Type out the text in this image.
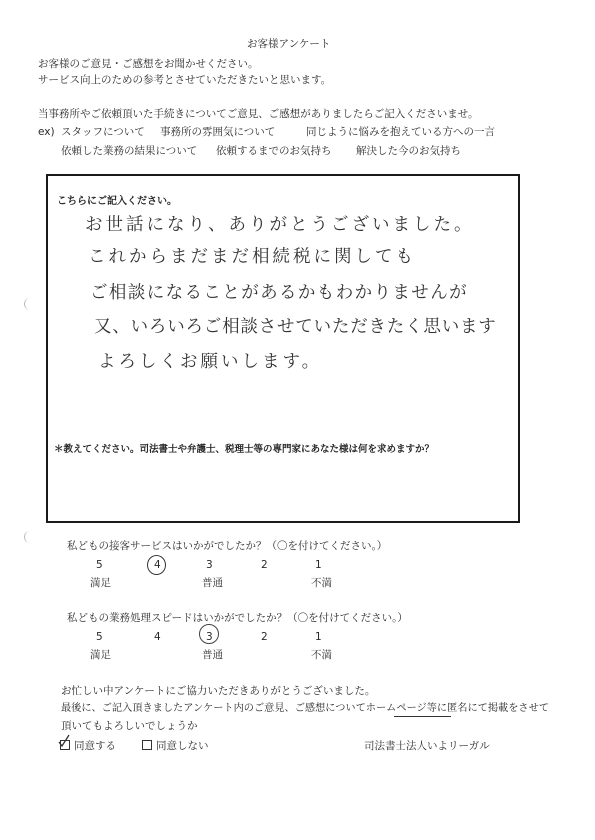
お客様アンケート
お客様のご意見・ご感想をお聞かせください。
サービス向上のための参考とさせていただきたいと思います。
当事務所やご依頼頂いた手続きについてご意見、ご感想がありましたらご記入くださいませ。
ex) スタッフについて 事務所の雰囲気について	同じように悩みを抱えている方への一言
依頼した業務の結果について 依頼するまでのお気持ち 解決した今のお気持ち
こちらにご記入ください。
お世話になり、ありがとうございました。
これからまだまだ相続税に関しても
ご相談になることがあるかもわかりませんが
又、いろいろご相談させていただきたく思います
よろしくお願いします。
＊教えてください。司法書士や弁護士、税理士等の専門家にあなた様は何を求めますか？
私どもの接客サービスはいかがでしたか？（〇を付けてください。）
5	4	3	2	1
満足	普通	不満
私どもの業務処理スピードはいかがでしたか？（〇を付けてください。）
5	4	3	2	1
満足	普通	不満
お忙しい中アンケートにご協力いただきありがとうございました。
最後に、ご記入頂きましたアンケート内のご意見、ご感想についてホームページ等に匿名にて掲載をさせて
頂いてもよろしいでしょうか
同意する	同意しない	司法書士法人いよリーガル
